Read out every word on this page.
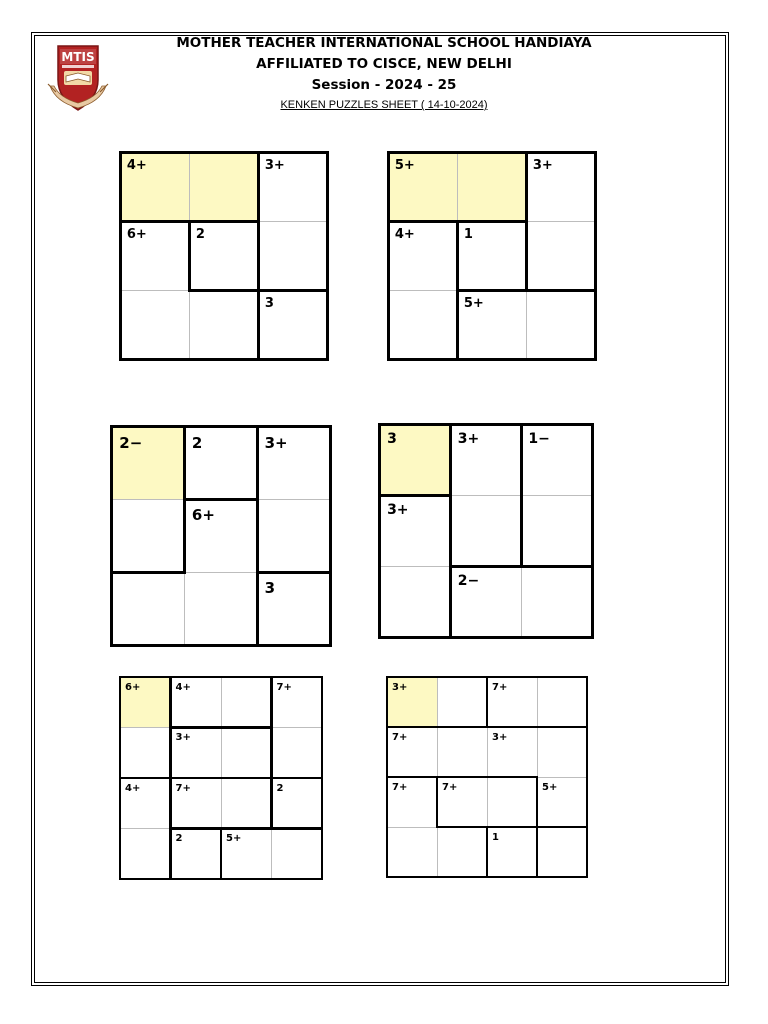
MTIS
MOTHER TEACHER INTERNATIONAL SCHOOL HANDIAYA
AFFILIATED TO CISCE, NEW DELHI
Session - 2024 - 25
KENKEN PUZZLES SHEET ( 14-10-2024)
4+	3+
6+	2
3
5+	3+
4+	1
5+
2−	2	3+
6+
3
3	3+	1−
3+
2−
6+	4+	7+
3+
4+	7+	2
2	5+
3+	7+
7+	3+
7+	7+	5+
1
